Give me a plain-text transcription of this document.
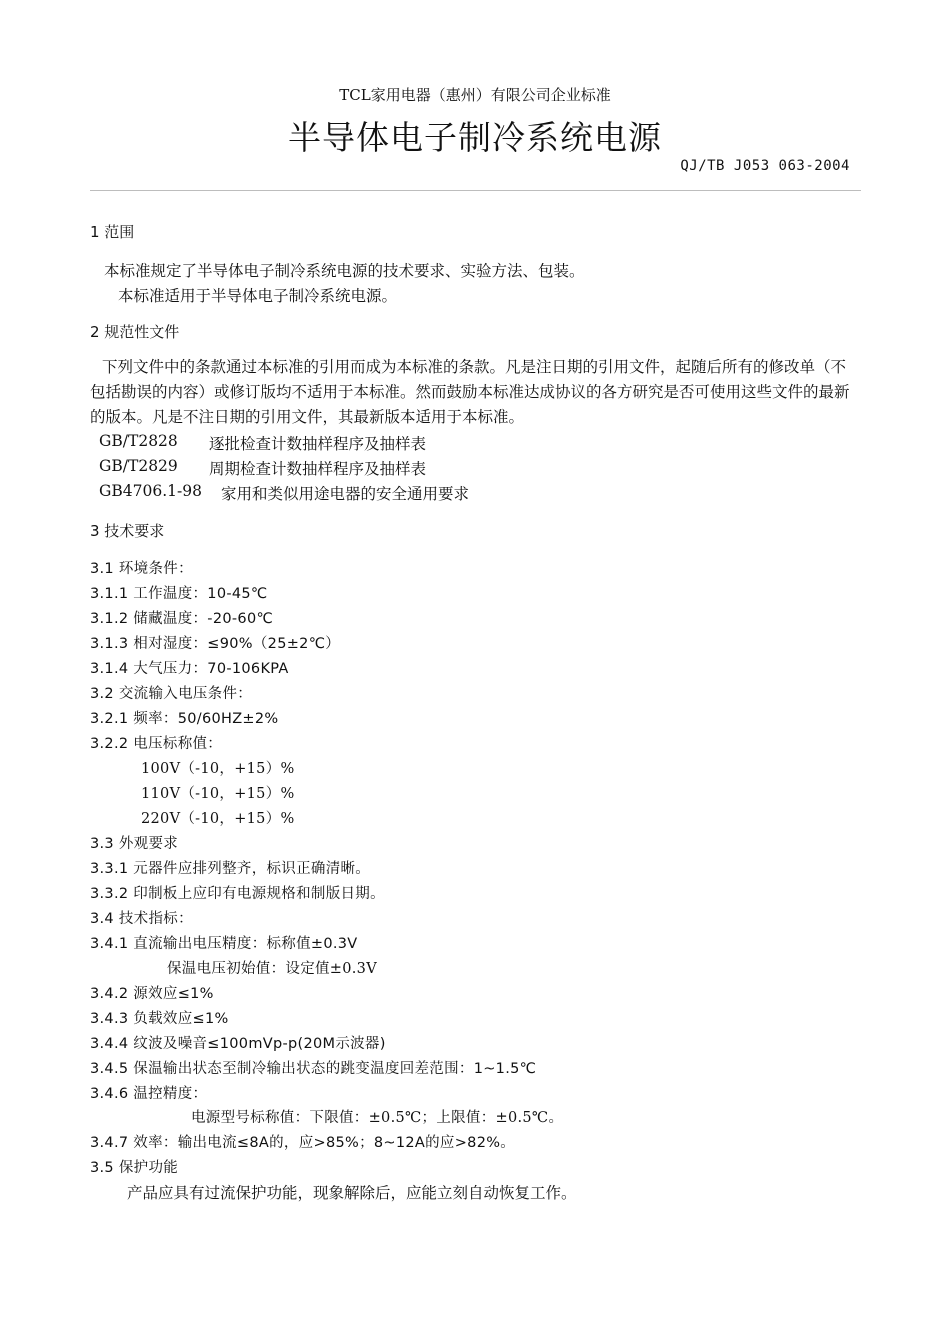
TCL家用电器（惠州）有限公司企业标准
半导体电子制冷系统电源
QJ/TB J053 063-2004
1 范围
本标准规定了半导体电子制冷系统电源的技术要求、实验方法、包装。
本标准适用于半导体电子制冷系统电源。
2 规范性文件
下列文件中的条款通过本标准的引用而成为本标准的条款。凡是注日期的引用文件，起随后所有的修改单（不包括勘误的内容）或修订版均不适用于本标准。然而鼓励本标准达成协议的各方研究是否可使用这些文件的最新的版本。凡是不注日期的引用文件，其最新版本适用于本标准。
GB/T2828 逐批检查计数抽样程序及抽样表
GB/T2829 周期检查计数抽样程序及抽样表
GB4706.1-98 家用和类似用途电器的安全通用要求
3 技术要求
3.1 环境条件：
3.1.1 工作温度：10-45℃
3.1.2 储藏温度：-20-60℃
3.1.3 相对湿度：≤90%（25±2℃）
3.1.4 大气压力：70-106KPA
3.2 交流输入电压条件：
3.2.1 频率：50/60HZ±2%
3.2.2 电压标称值：
100V（-10，+15）%
110V（-10，+15）%
220V（-10，+15）%
3.3 外观要求
3.3.1 元器件应排列整齐，标识正确清晰。
3.3.2 印制板上应印有电源规格和制版日期。
3.4 技术指标：
3.4.1 直流输出电压精度：标称值±0.3V
保温电压初始值：设定值±0.3V
3.4.2 源效应≤1%
3.4.3 负载效应≤1%
3.4.4 纹波及噪音≤100mVp-p(20M示波器)
3.4.5 保温输出状态至制冷输出状态的跳变温度回差范围：1~1.5℃
3.4.6 温控精度：
电源型号标称值：下限值：±0.5℃；上限值：±0.5℃。
3.4.7 效率：输出电流≤8A的，应>85%；8~12A的应>82%。
3.5 保护功能
产品应具有过流保护功能，现象解除后，应能立刻自动恢复工作。
